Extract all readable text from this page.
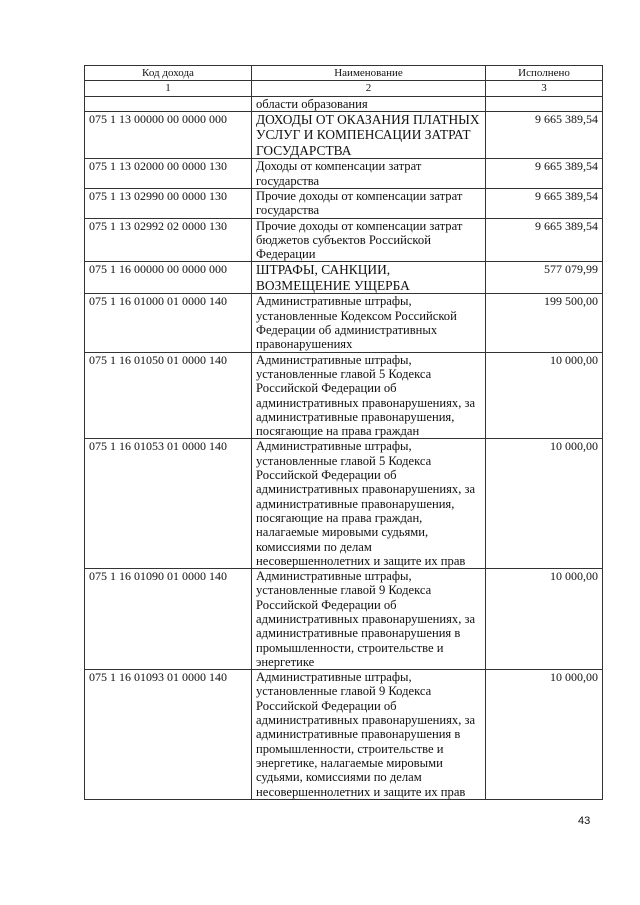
Код дохода	Наименование	Исполнено
1	2	3
	области образования	
075 1 13 00000 00 0000 000	ДОХОДЫ ОТ ОКАЗАНИЯ ПЛАТНЫХ УСЛУГ И КОМПЕНСАЦИИ ЗАТРАТ ГОСУДАРСТВА	9 665 389,54
075 1 13 02000 00 0000 130	Доходы от компенсации затрат государства	9 665 389,54
075 1 13 02990 00 0000 130	Прочие доходы от компенсации затрат государства	9 665 389,54
075 1 13 02992 02 0000 130	Прочие доходы от компенсации затрат бюджетов субъектов Российской Федерации	9 665 389,54
075 1 16 00000 00 0000 000	ШТРАФЫ, САНКЦИИ, ВОЗМЕЩЕНИЕ УЩЕРБА	577 079,99
075 1 16 01000 01 0000 140	Административные штрафы, установленные Кодексом Российской Федерации об административных правонарушениях	199 500,00
075 1 16 01050 01 0000 140	Административные штрафы, установленные главой 5 Кодекса Российской Федерации об административных правонарушениях, за административные правонарушения, посягающие на права граждан	10 000,00
075 1 16 01053 01 0000 140	Административные штрафы, установленные главой 5 Кодекса Российской Федерации об административных правонарушениях, за административные правонарушения, посягающие на права граждан, налагаемые мировыми судьями, комиссиями по делам несовершеннолетних и защите их прав	10 000,00
075 1 16 01090 01 0000 140	Административные штрафы, установленные главой 9 Кодекса Российской Федерации об административных правонарушениях, за административные правонарушения в промышленности, строительстве и энергетике	10 000,00
075 1 16 01093 01 0000 140	Административные штрафы, установленные главой 9 Кодекса Российской Федерации об административных правонарушениях, за административные правонарушения в промышленности, строительстве и энергетике, налагаемые мировыми судьями, комиссиями по делам несовершеннолетних и защите их прав	10 000,00
43
